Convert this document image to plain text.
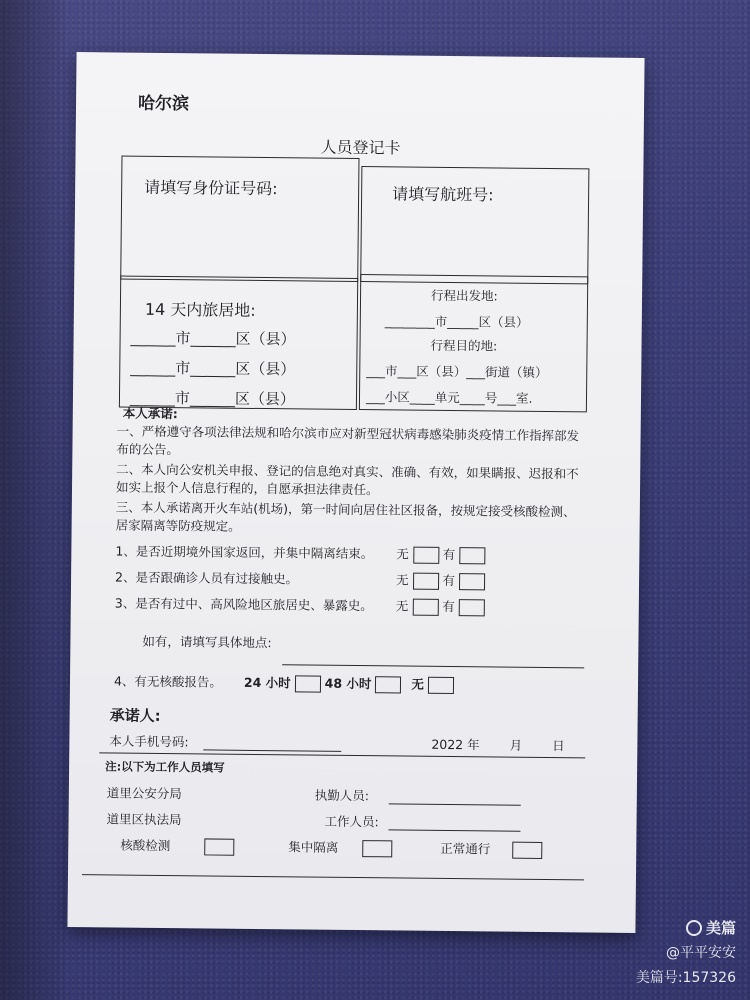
哈尔滨
人员登记卡
请填写身份证号码:	请填写航班号:
14 天内旅居地:
______市______区（县）
______市______区（县）
______市______区（县）
行程出发地:
________市_____区（县）
行程目的地:
___市___区（县）___街道（镇）
___小区____单元____号___室.
本人承诺:
一、严格遵守各项法律法规和哈尔滨市应对新型冠状病毒感染肺炎疫情工作指挥部发布的公告。
二、本人向公安机关申报、登记的信息绝对真实、准确、有效，如果瞒报、迟报和不如实上报个人信息行程的，自愿承担法律责任。
三、本人承诺离开火车站(机场)，第一时间向居住社区报备，按规定接受核酸检测、居家隔离等防疫规定。
1、是否近期境外国家返回，并集中隔离结束。 无	有
2、是否跟确诊人员有过接触史。	无	有
3、是否有过中、高风险地区旅居史、暴露史。 无	有
如有，请填写具体地点:
4、有无核酸报告。 24 小时	48 小时	无
承诺人:
本人手机号码:	2022 年 月 日
注:以下为工作人员填写
道里公安分局	执勤人员:
道里区执法局	工作人员:
核酸检测	集中隔离	正常通行
美篇
@平平安安
美篇号:157326
